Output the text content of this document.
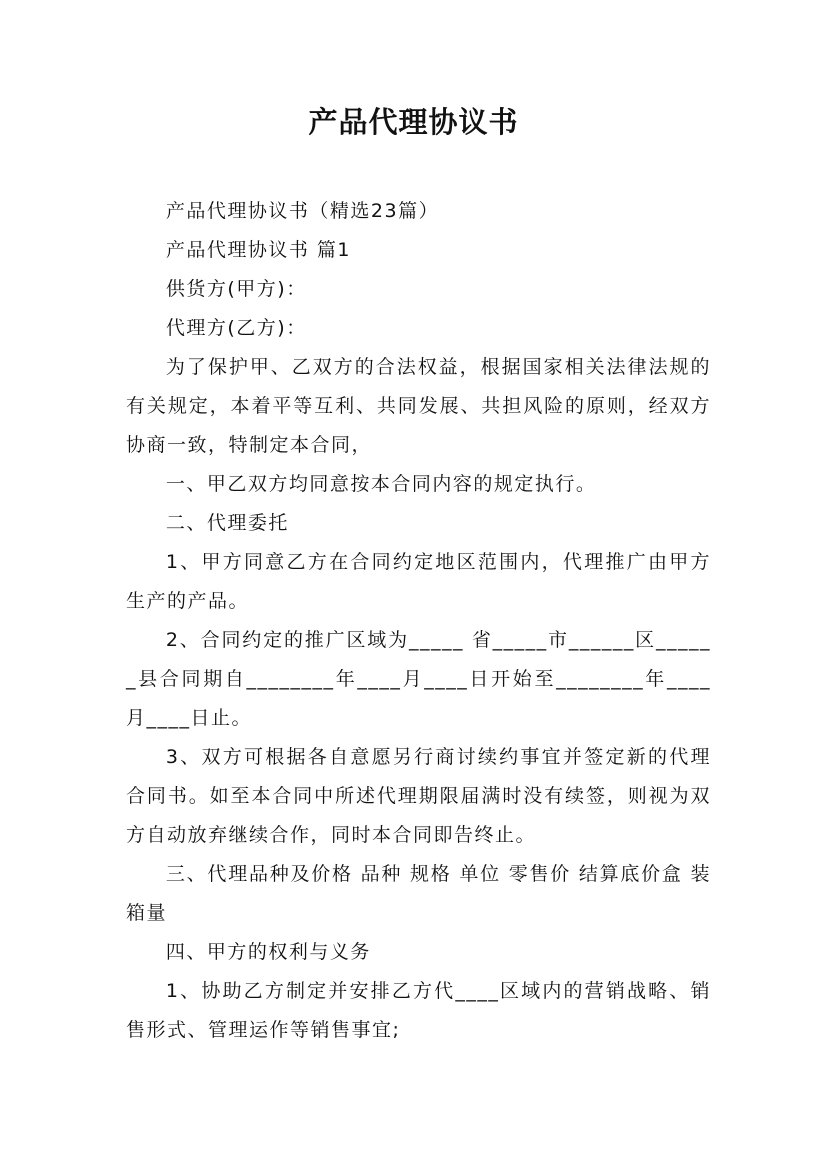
产品代理协议书

产品代理协议书（精选23篇）

产品代理协议书 篇1

供货方(甲方)：

代理方(乙方)：

为了保护甲、乙双方的合法权益，根据国家相关法律法规的有关规定，本着平等互利、共同发展、共担风险的原则，经双方协商一致，特制定本合同，

一、甲乙双方均同意按本合同内容的规定执行。

二、代理委托

1、甲方同意乙方在合同约定地区范围内，代理推广由甲方生产的产品。

2、合同约定的推广区域为_____ 省_____市______区______县合同期自________年____月____日开始至________年____月____日止。

3、双方可根据各自意愿另行商讨续约事宜并签定新的代理合同书。如至本合同中所述代理期限届满时没有续签，则视为双方自动放弃继续合作，同时本合同即告终止。

三、代理品种及价格 品种 规格 单位 零售价 结算底价盒 装箱量

四、甲方的权利与义务

1、协助乙方制定并安排乙方代____区域内的营销战略、销售形式、管理运作等销售事宜;
